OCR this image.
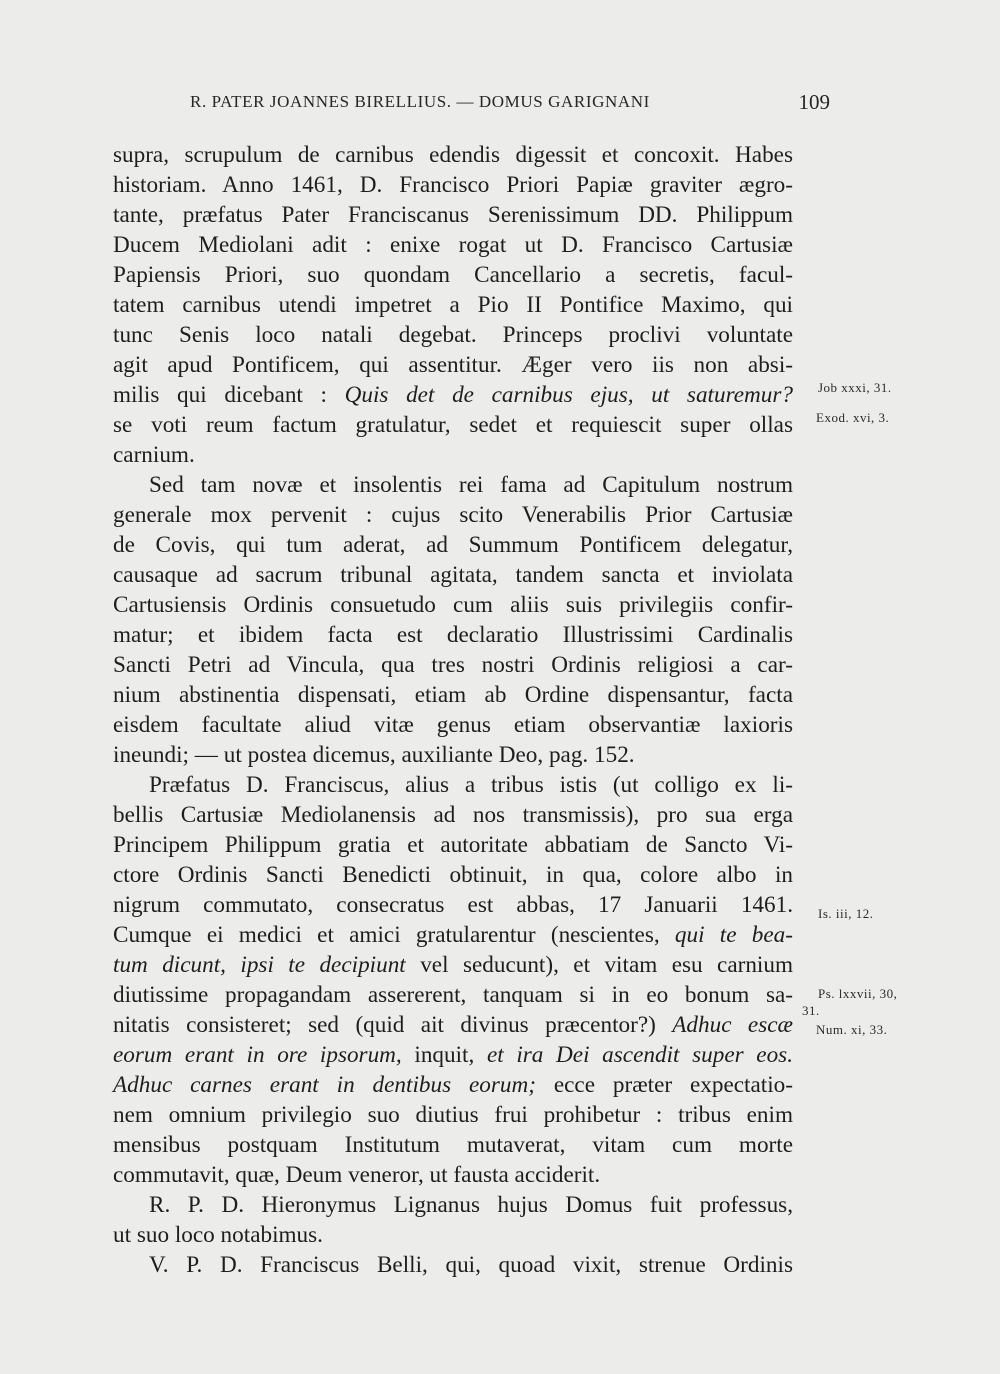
R. PATER JOANNES BIRELLIUS. — DOMUS GARIGNANI	109
supra, scrupulum de carnibus edendis digessit et concoxit. Habes
historiam. Anno 1461, D. Francisco Priori Papiæ graviter ægro-
tante, præfatus Pater Franciscanus Serenissimum DD. Philippum
Ducem Mediolani adit : enixe rogat ut D. Francisco Cartusiæ
Papiensis Priori, suo quondam Cancellario a secretis, facul-
tatem carnibus utendi impetret a Pio II Pontifice Maximo, qui
tunc Senis loco natali degebat. Princeps proclivi voluntate
agit apud Pontificem, qui assentitur. Æger vero iis non absi-
milis qui dicebant : Quis det de carnibus ejus, ut saturemur?
se voti reum factum gratulatur, sedet et requiescit super ollas
carnium.
Sed tam novæ et insolentis rei fama ad Capitulum nostrum
generale mox pervenit : cujus scito Venerabilis Prior Cartusiæ
de Covis, qui tum aderat, ad Summum Pontificem delegatur,
causaque ad sacrum tribunal agitata, tandem sancta et inviolata
Cartusiensis Ordinis consuetudo cum aliis suis privilegiis confir-
matur; et ibidem facta est declaratio Illustrissimi Cardinalis
Sancti Petri ad Vincula, qua tres nostri Ordinis religiosi a car-
nium abstinentia dispensati, etiam ab Ordine dispensantur, facta
eisdem facultate aliud vitæ genus etiam observantiæ laxioris
ineundi; — ut postea dicemus, auxiliante Deo, pag. 152.
Præfatus D. Franciscus, alius a tribus istis (ut colligo ex li-
bellis Cartusiæ Mediolanensis ad nos transmissis), pro sua erga
Principem Philippum gratia et autoritate abbatiam de Sancto Vi-
ctore Ordinis Sancti Benedicti obtinuit, in qua, colore albo in
nigrum commutato, consecratus est abbas, 17 Januarii 1461.
Cumque ei medici et amici gratularentur (nescientes, qui te bea-
tum dicunt, ipsi te decipiunt vel seducunt), et vitam esu carnium
diutissime propagandam assererent, tanquam si in eo bonum sa-
nitatis consisteret; sed (quid ait divinus præcentor?) Adhuc escæ
eorum erant in ore ipsorum, inquit, et ira Dei ascendit super eos.
Adhuc carnes erant in dentibus eorum; ecce præter expectatio-
nem omnium privilegio suo diutius frui prohibetur : tribus enim
mensibus postquam Institutum mutaverat, vitam cum morte
commutavit, quæ, Deum veneror, ut fausta acciderit.
R. P. D. Hieronymus Lignanus hujus Domus fuit professus,
ut suo loco notabimus.
V. P. D. Franciscus Belli, qui, quoad vixit, strenue Ordinis
Job xxxi, 31.
Exod. xvi, 3.
Is. iii, 12.
Ps. lxxvii, 30,
31.
Num. xi, 33.
